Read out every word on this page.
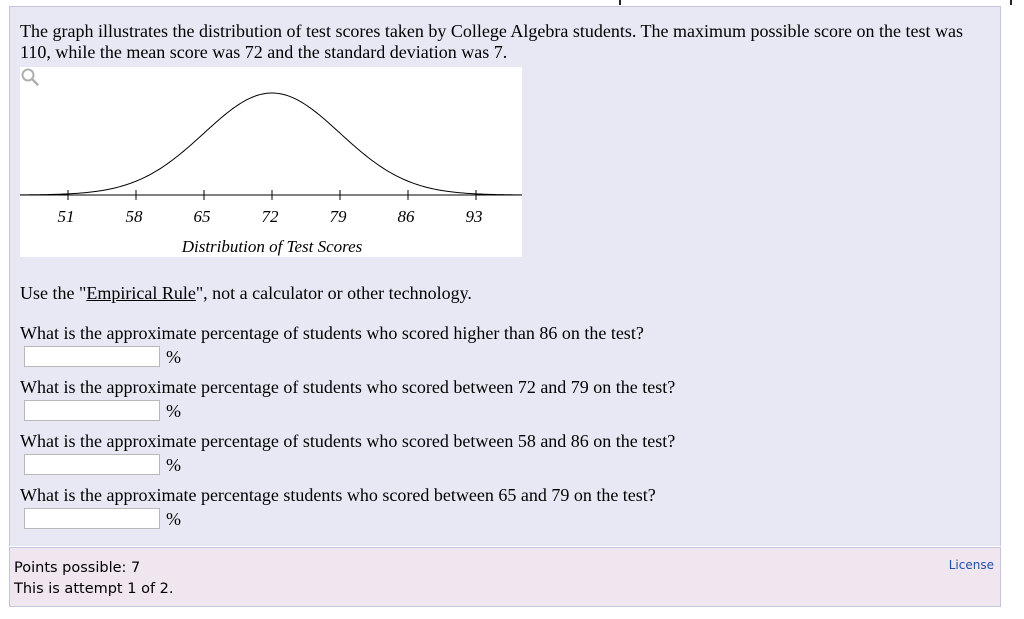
The graph illustrates the distribution of test scores taken by College Algebra students. The maximum possible score on the test was 110, while the mean score was 72 and the standard deviation was 7.
51	58	65	72	79	86	93
Distribution of Test Scores
Use the "Empirical Rule", not a calculator or other technology.
What is the approximate percentage of students who scored higher than 86 on the test?
%
What is the approximate percentage of students who scored between 72 and 79 on the test?
%
What is the approximate percentage of students who scored between 58 and 86 on the test?
%
What is the approximate percentage students who scored between 65 and 79 on the test?
%
Points possible: 7
This is attempt 1 of 2.
License
